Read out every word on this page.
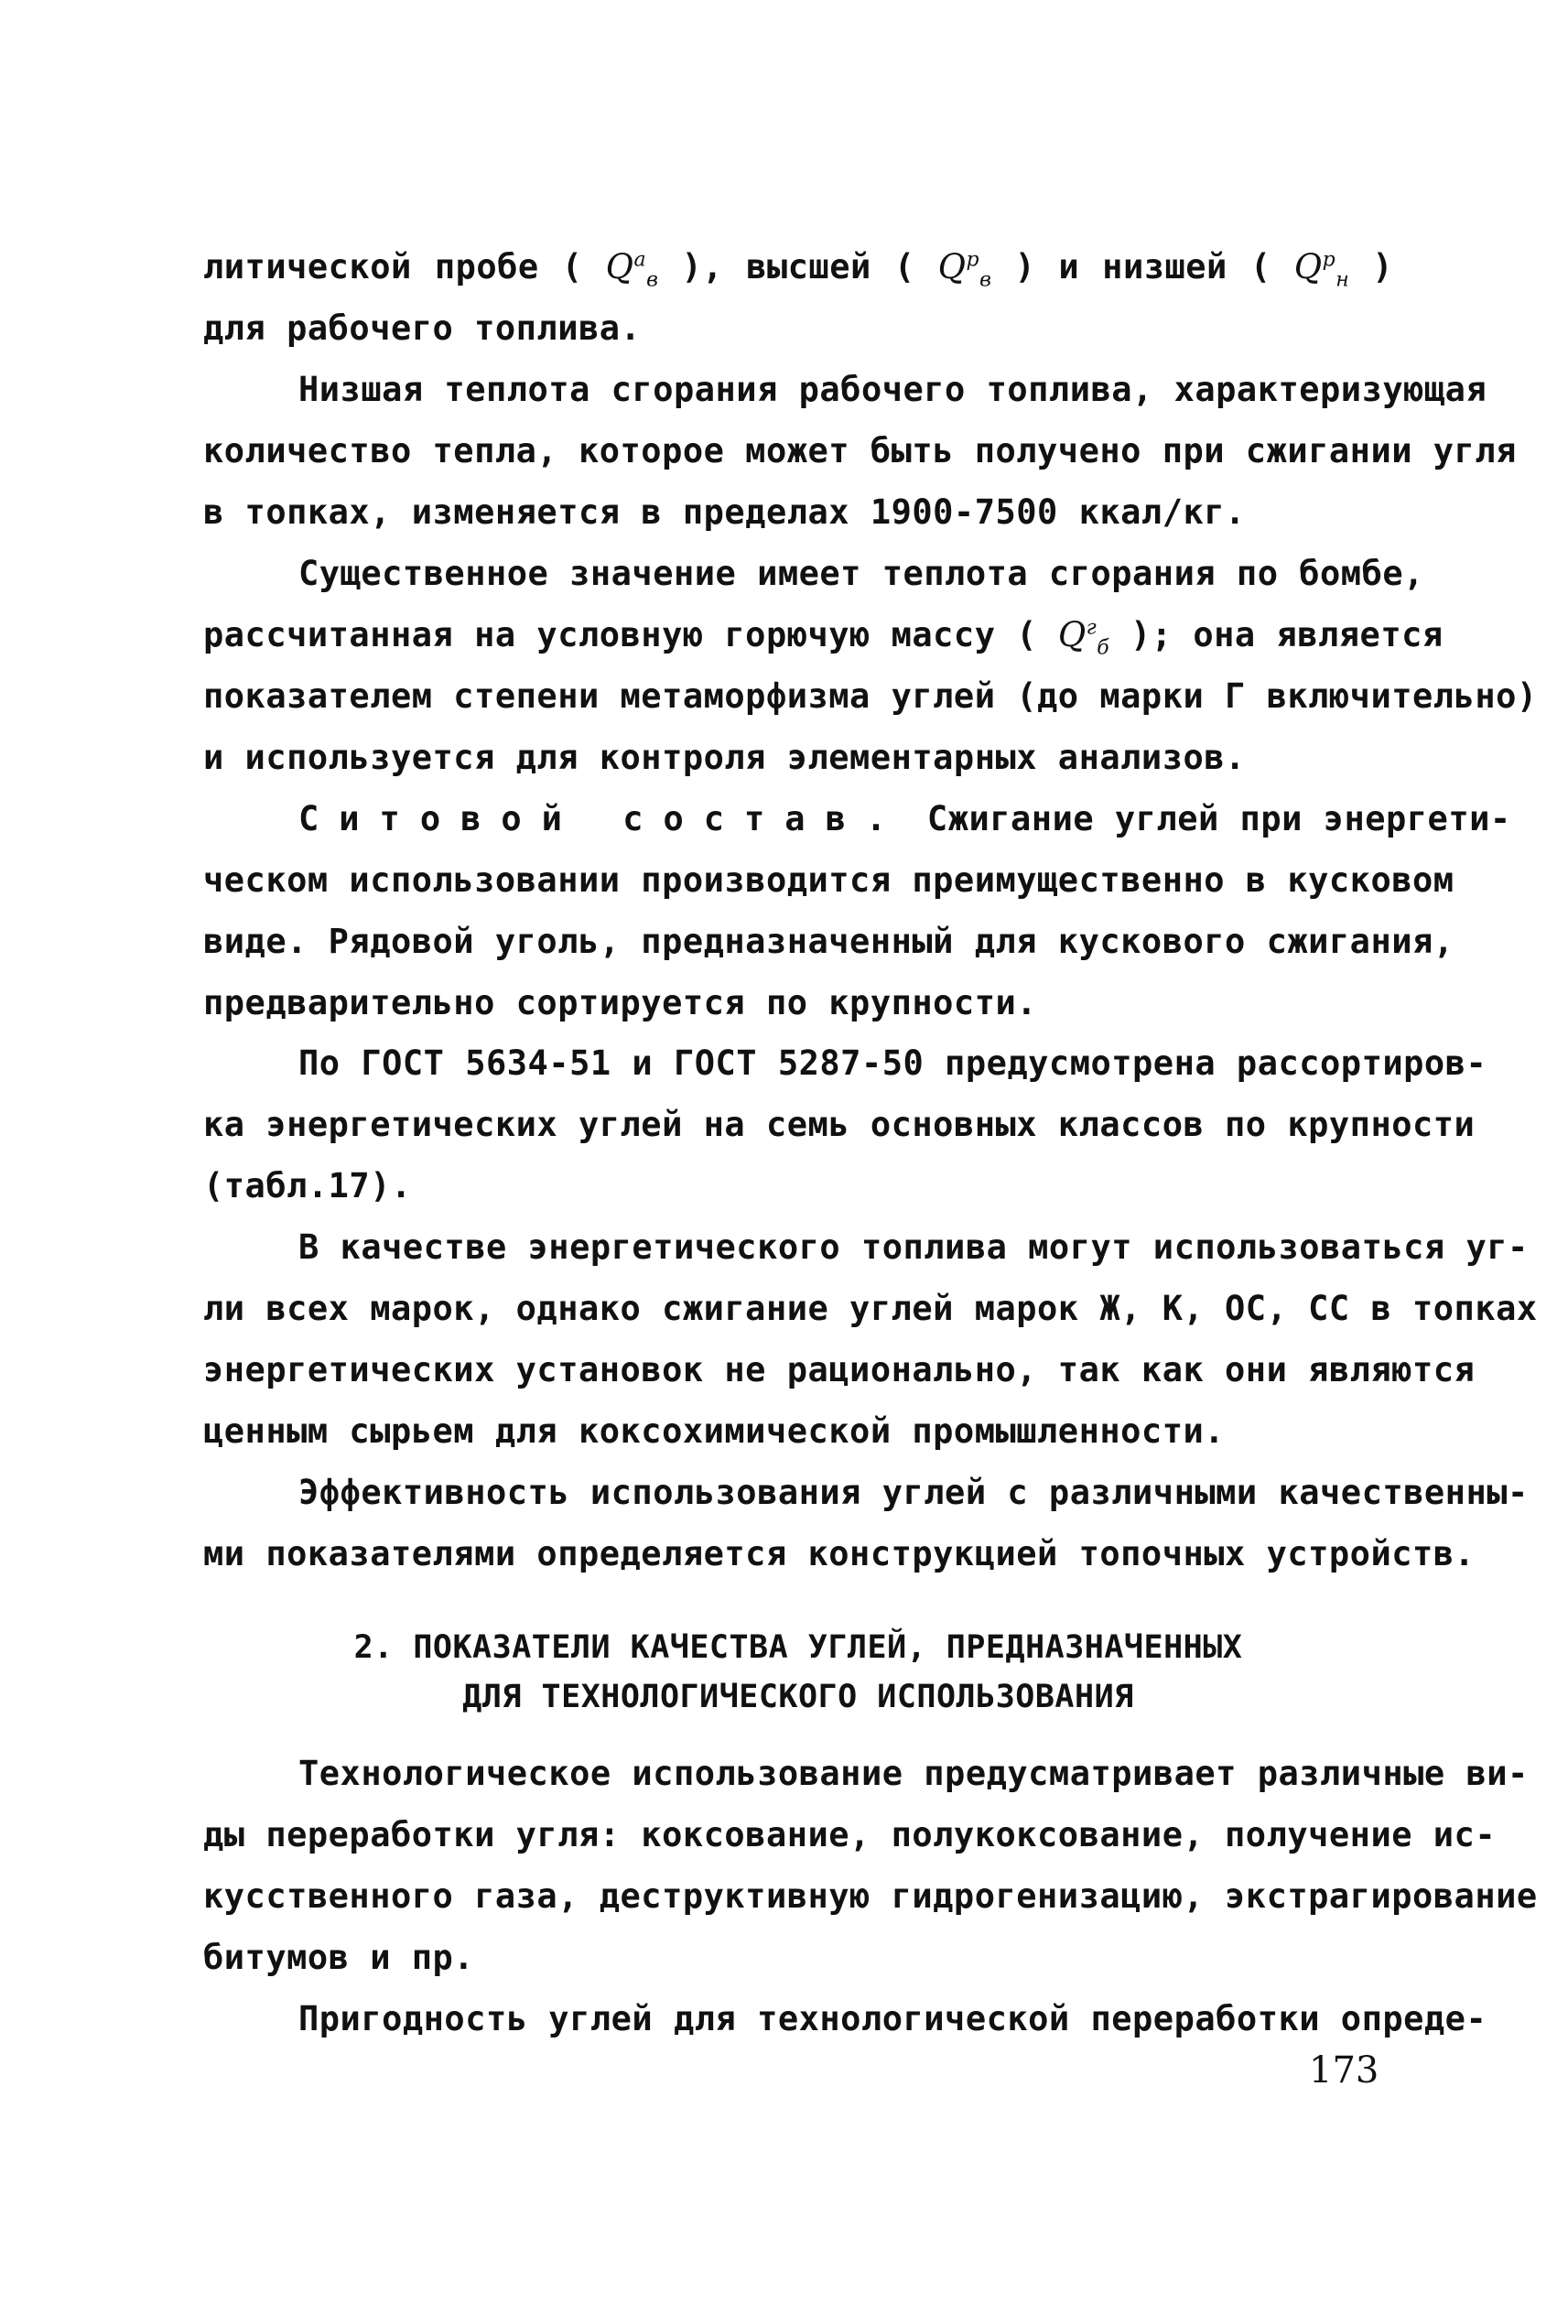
литической пробе ( $Q^a_в$ ), высшей ( $Q^р_в$ ) и низшей ( $Q^р_н$ )
для рабочего топлива.
Низшая теплота сгорания рабочего топлива, характеризующая
количество тепла, которое может быть получено при сжигании угля
в топках, изменяется в пределах 1900-7500 ккал/кг.
Существенное значение имеет теплота сгорания по бомбе,
рассчитанная на условную горючую массу ( $Q^г_б$ ); она является
показателем степени метаморфизма углей (до марки Г включительно)
и используется для контроля элементарных анализов.
Ситовой состав. Сжигание углей при энергети-
ческом использовании производится преимущественно в кусковом
виде. Рядовой уголь, предназначенный для кускового сжигания,
предварительно сортируется по крупности.
По ГОСТ 5634-51 и ГОСТ 5287-50 предусмотрена рассортиров-
ка энергетических углей на семь основных классов по крупности
(табл.17).
В качестве энергетического топлива могут использоваться уг-
ли всех марок, однако сжигание углей марок Ж, К, ОС, СС в топках
энергетических установок не рационально, так как они являются
ценным сырьем для коксохимической промышленности.
Эффективность использования углей с различными качественны-
ми показателями определяется конструкцией топочных устройств.
2. ПОКАЗАТЕЛИ КАЧЕСТВА УГЛЕЙ, ПРЕДНАЗНАЧЕННЫХ
ДЛЯ ТЕХНОЛОГИЧЕСКОГО ИСПОЛЬЗОВАНИЯ
Технологическое использование предусматривает различные ви-
ды переработки угля: коксование, полукоксование, получение ис-
кусственного газа, деструктивную гидрогенизацию, экстрагирование
битумов и пр.
Пригодность углей для технологической переработки опреде-
173
